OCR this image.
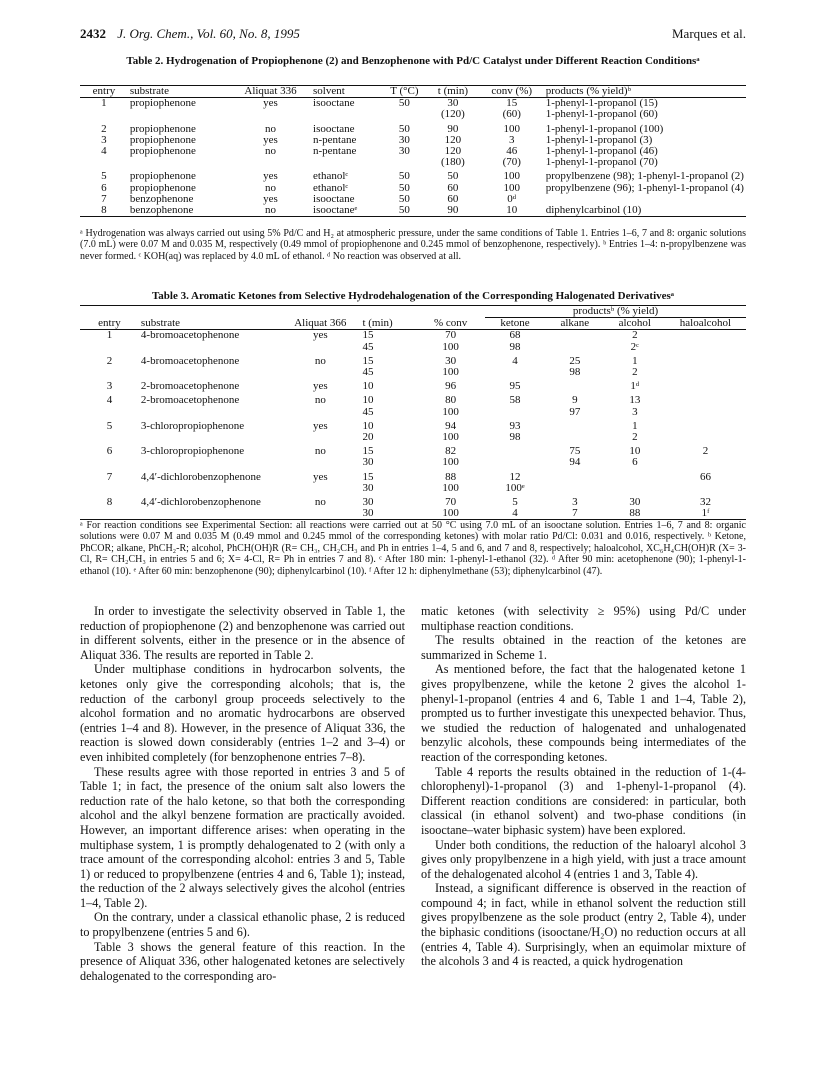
2432 J. Org. Chem., Vol. 60, No. 8, 1995	Marques et al.
Table 2. Hydrogenation of Propiophenone (2) and Benzophenone with Pd/C Catalyst under Different Reaction Conditionsᵃ
entry	substrate	Aliquat 336	solvent	T (°C)	t (min)	conv (%)	products (% yield)ᵇ
1	propiophenone	yes	isooctane	50	30	15	1-phenyl-1-propanol (15)
					(120)	(60)	1-phenyl-1-propanol (60)

2	propiophenone	no	isooctane	50	90	100	1-phenyl-1-propanol (100)
3	propiophenone	yes	n-pentane	30	120	3	1-phenyl-1-propanol (3)
4	propiophenone	no	n-pentane	30	120	46	1-phenyl-1-propanol (46)
					(180)	(70)	1-phenyl-1-propanol (70)

5	propiophenone	yes	ethanolᶜ	50	50	100	propylbenzene (98); 1-phenyl-1-propanol (2)
6	propiophenone	no	ethanolᶜ	50	60	100	propylbenzene (96); 1-phenyl-1-propanol (4)
7	benzophenone	yes	isooctane	50	60	0ᵈ	
8	benzophenone	no	isooctaneᵉ	50	90	10	diphenylcarbinol (10)
ᵃ Hydrogenation was always carried out using 5% Pd/C and H₂ at atmospheric pressure, under the same conditions of Table 1. Entries 1–6, 7 and 8: organic solutions (7.0 mL) were 0.07 M and 0.035 M, respectively (0.49 mmol of propiophenone and 0.245 mmol of benzophenone, respectively). ᵇ Entries 1–4: n-propylbenzene was never formed. ᶜ KOH(aq) was replaced by 4.0 mL of ethanol. ᵈ No reaction was observed at all.
Table 3. Aromatic Ketones from Selective Hydrodehalogenation of the Corresponding Halogenated Derivativesᵃ
					productsᵇ (% yield)			
entry	substrate	Aliquat 366	t (min)	% conv	ketone	alkane	alcohol	haloalcohol
1	4-bromoacetophenone	yes	15	70	68		2	
			45	100	98		2ᶜ	

2	4-bromoacetophenone	no	15	30	4	25	1	
			45	100		98	2	

3	2-bromoacetophenone	yes	10	96	95		1ᵈ	

4	2-bromoacetophenone	no	10	80	58	9	13	
			45	100		97	3	

5	3-chloropropiophenone	yes	10	94	93		1	
			20	100	98		2	

6	3-chloropropiophenone	no	15	82		75	10	2
			30	100		94	6	

7	4,4′-dichlorobenzophenone	yes	15	88	12			66
			30	100	100ᵉ			

8	4,4′-dichlorobenzophenone	no	30	70	5	3	30	32
			30	100	4	7	88	1ᶠ
ᵃ For reaction conditions see Experimental Section: all reactions were carried out at 50 °C using 7.0 mL of an isooctane solution. Entries 1–6, 7 and 8: organic solutions were 0.07 M and 0.035 M (0.49 mmol and 0.245 mmol of the corresponding ketones) with molar ratio Pd/Cl: 0.031 and 0.016, respectively. ᵇ Ketone, PhCOR; alkane, PhCH₂-R; alcohol, PhCH(OH)R (R= CH₃, CH₂CH₃ and Ph in entries 1–4, 5 and 6, and 7 and 8, respectively; haloalcohol, XC₆H₄CH(OH)R (X= 3-Cl, R= CH₂CH₃ in entries 5 and 6; X= 4-Cl, R= Ph in entries 7 and 8). ᶜ After 180 min: 1-phenyl-1-ethanol (32). ᵈ After 90 min: acetophenone (90); 1-phenyl-1-ethanol (10). ᵉ After 60 min: benzophenone (90); diphenylcarbinol (10). ᶠ After 12 h: diphenylmethane (53); diphenylcarbinol (47).

In order to investigate the selectivity observed in Table 1, the reduction of propiophenone (2) and benzophenone was carried out in different solvents, either in the presence or in the absence of Aliquat 336. The results are reported in Table 2.

Under multiphase conditions in hydrocarbon solvents, the ketones only give the corresponding alcohols; that is, the reduction of the carbonyl group proceeds selectively to the alcohol formation and no aromatic hydrocarbons are observed (entries 1–4 and 8). However, in the presence of Aliquat 336, the reaction is slowed down considerably (entries 1–2 and 3–4) or even inhibited completely (for benzophenone entries 7–8).

These results agree with those reported in entries 3 and 5 of Table 1; in fact, the presence of the onium salt also lowers the reduction rate of the halo ketone, so that both the corresponding alcohol and the alkyl benzene formation are practically avoided. However, an important difference arises: when operating in the multiphase system, 1 is promptly dehalogenated to 2 (with only a trace amount of the corresponding alcohol: entries 3 and 5, Table 1) or reduced to propylbenzene (entries 4 and 6, Table 1); instead, the reduction of the 2 always selectively gives the alcohol (entries 1–4, Table 2).

On the contrary, under a classical ethanolic phase, 2 is reduced to propylbenzene (entries 5 and 6).

Table 3 shows the general feature of this reaction. In the presence of Aliquat 336, other halogenated ketones are selectively dehalogenated to the corresponding aro-

matic ketones (with selectivity ≥ 95%) using Pd/C under multiphase reaction conditions.

The results obtained in the reaction of the ketones are summarized in Scheme 1.

As mentioned before, the fact that the halogenated ketone 1 gives propylbenzene, while the ketone 2 gives the alcohol 1-phenyl-1-propanol (entries 4 and 6, Table 1 and 1–4, Table 2), prompted us to further investigate this unexpected behavior. Thus, we studied the reduction of halogenated and unhalogenated benzylic alcohols, these compounds being intermediates of the reaction of the corresponding ketones.

Table 4 reports the results obtained in the reduction of 1-(4-chlorophenyl)-1-propanol (3) and 1-phenyl-1-propanol (4). Different reaction conditions are considered: in particular, both classical (in ethanol solvent) and two-phase conditions (in isooctane–water biphasic system) have been explored.

Under both conditions, the reduction of the haloaryl alcohol 3 gives only propylbenzene in a high yield, with just a trace amount of the dehalogenated alcohol 4 (entries 1 and 3, Table 4).

Instead, a significant difference is observed in the reaction of compound 4; in fact, while in ethanol solvent the reduction still gives propylbenzene as the sole product (entry 2, Table 4), under the biphasic conditions (isooctane/H₂O) no reduction occurs at all (entries 4, Table 4). Surprisingly, when an equimolar mixture of the alcohols 3 and 4 is reacted, a quick hydrogenation
